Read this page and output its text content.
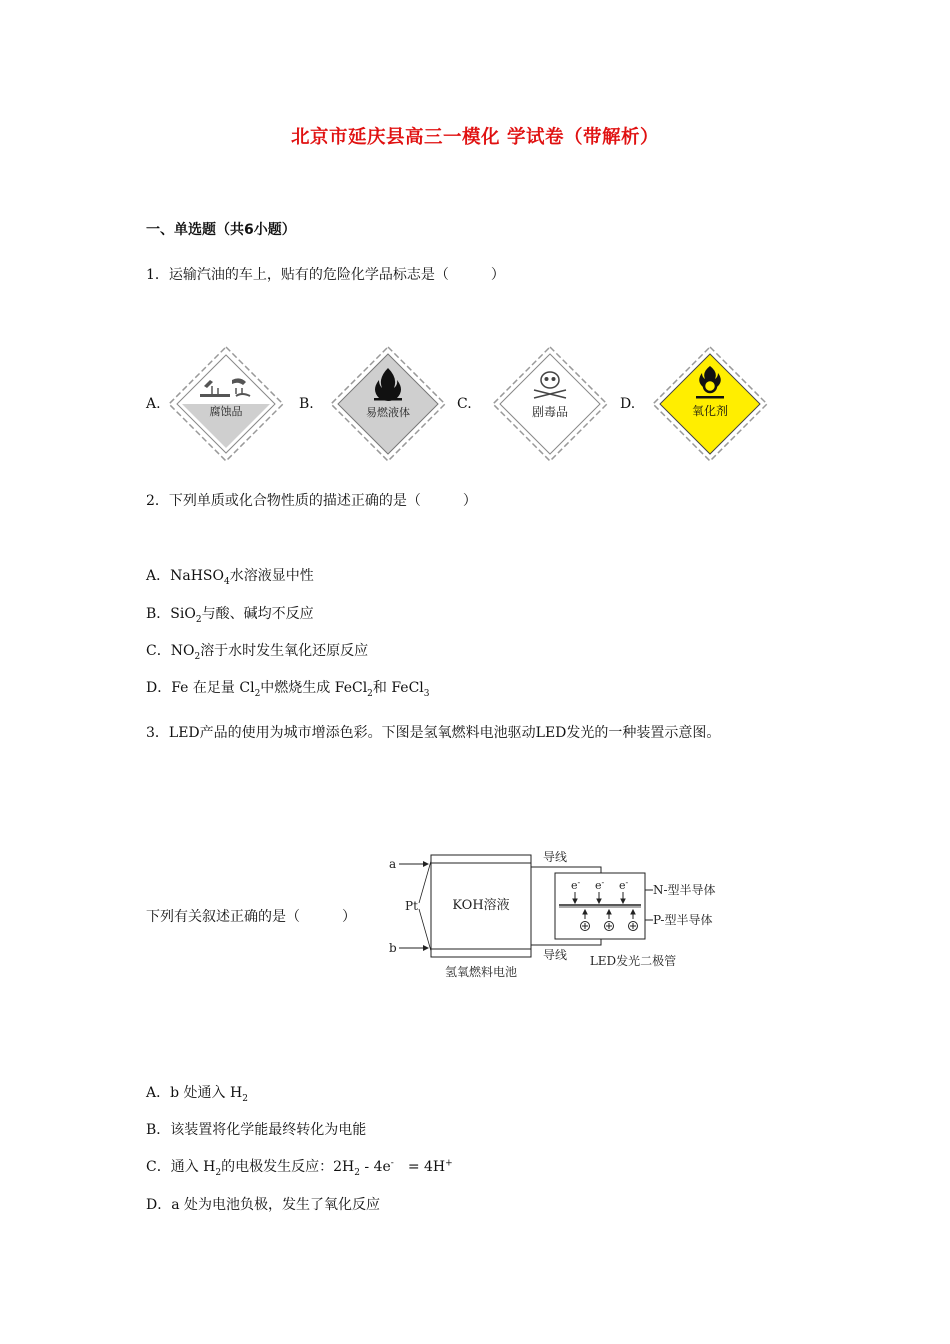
北京市延庆县高三一模化 学试卷（带解析）
一、单选题（共6小题）
1．运输汽油的车上，贴有的危险化学品标志是（　　　）
A.	B.	C.	D.
腐蚀品	易燃液体	剧毒品	氧化剂
2．下列单质或化合物性质的描述正确的是（　　　）
A．NaHSO$_4$水溶液显中性
B．SiO$_2$与酸、碱均不反应
C．$NO_2$溶于水时发生氧化还原反应
D．Fe 在足量 $Cl_2$中燃烧生成 FeCl$_2$和 FeCl$_3$
3．LED产品的使用为城市增添色彩。下图是氢氧燃料电池驱动LED发光的一种装置示意图。
下列有关叙述正确的是（　　　）
a
b
Pt	KOH溶液
导线
导线
e- e- e-
N-型半导体
P-型半导体
氢氧燃料电池
LED发光二极管
A．b 处通入 $H_2$
B．该装置将化学能最终转化为电能
C．通入 $H_2$的电极发生反应：$2H_2 - 4e^-$　= 4H+
D．a 处为电池负极，发生了氧化反应
